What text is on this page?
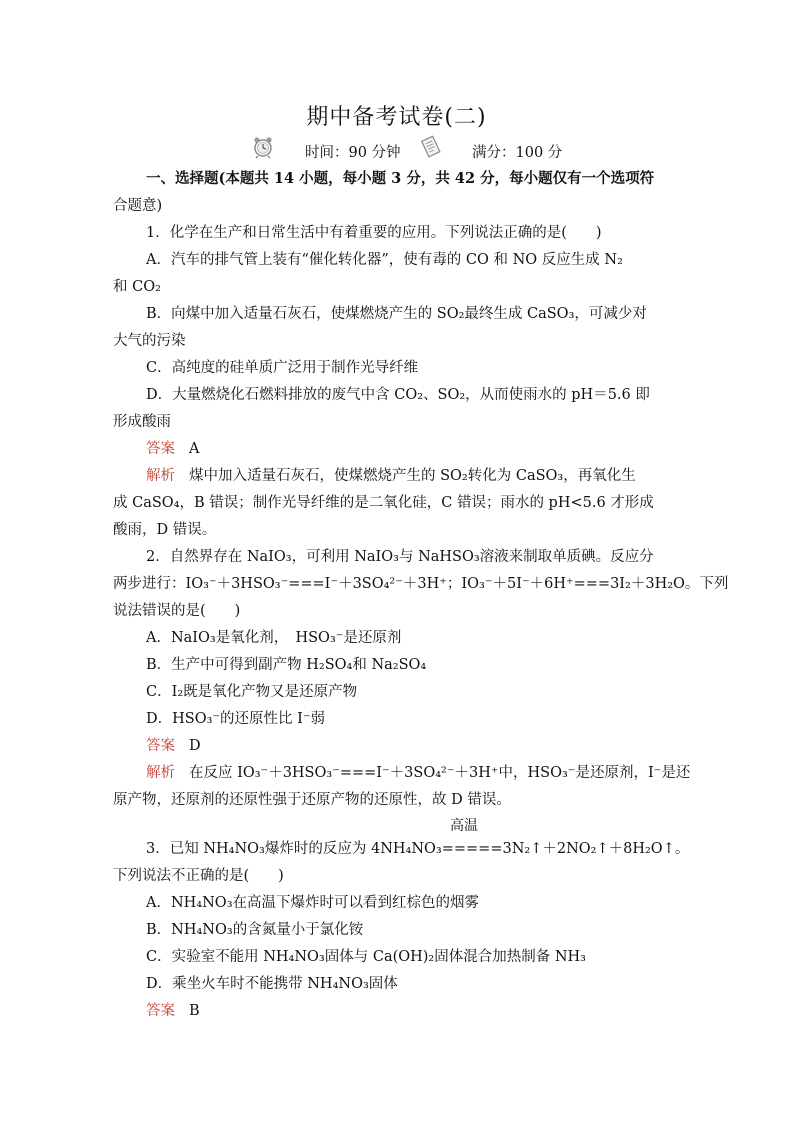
期中备考试卷(二)
时间：90 分钟	满分：100 分
一、选择题(本题共 14 小题，每小题 3 分，共 42 分，每小题仅有一个选项符
合题意)
1．化学在生产和日常生活中有着重要的应用。下列说法正确的是(　　)
A．汽车的排气管上装有“催化转化器”，使有毒的 CO 和 NO 反应生成 N₂
和 CO₂
B．向煤中加入适量石灰石，使煤燃烧产生的 SO₂最终生成 CaSO₃，可减少对
大气的污染
C．高纯度的硅单质广泛用于制作光导纤维
D．大量燃烧化石燃料排放的废气中含 CO₂、SO₂，从而使雨水的 pH＝5.6 即
形成酸雨
答案 A
解析 煤中加入适量石灰石，使煤燃烧产生的 SO₂转化为 CaSO₃，再氧化生
成 CaSO₄，B 错误；制作光导纤维的是二氧化硅，C 错误；雨水的 pH<5.6 才形成
酸雨，D 错误。
2．自然界存在 NaIO₃，可利用 NaIO₃与 NaHSO₃溶液来制取单质碘。反应分
两步进行：IO₃⁻＋3HSO₃⁻===I⁻＋3SO₄²⁻＋3H⁺；IO₃⁻＋5I⁻＋6H⁺===3I₂＋3H₂O。下列
说法错误的是(　　)
A．NaIO₃是氧化剂，　HSO₃⁻是还原剂
B．生产中可得到副产物 H₂SO₄和 Na₂SO₄
C．I₂既是氧化产物又是还原产物
D．HSO₃⁻的还原性比 I⁻弱
答案 D
解析 在反应 IO₃⁻＋3HSO₃⁻===I⁻＋3SO₄²⁻＋3H⁺中，HSO₃⁻是还原剂，I⁻是还
原产物，还原剂的还原性强于还原产物的还原性，故 D 错误。
高温
3．已知 NH₄NO₃爆炸时的反应为 4NH₄NO₃=====3N₂↑＋2NO₂↑＋8H₂O↑。
下列说法不正确的是(　　)
A．NH₄NO₃在高温下爆炸时可以看到红棕色的烟雾
B．NH₄NO₃的含氮量小于氯化铵
C．实验室不能用 NH₄NO₃固体与 Ca(OH)₂固体混合加热制备 NH₃
D．乘坐火车时不能携带 NH₄NO₃固体
答案 B
